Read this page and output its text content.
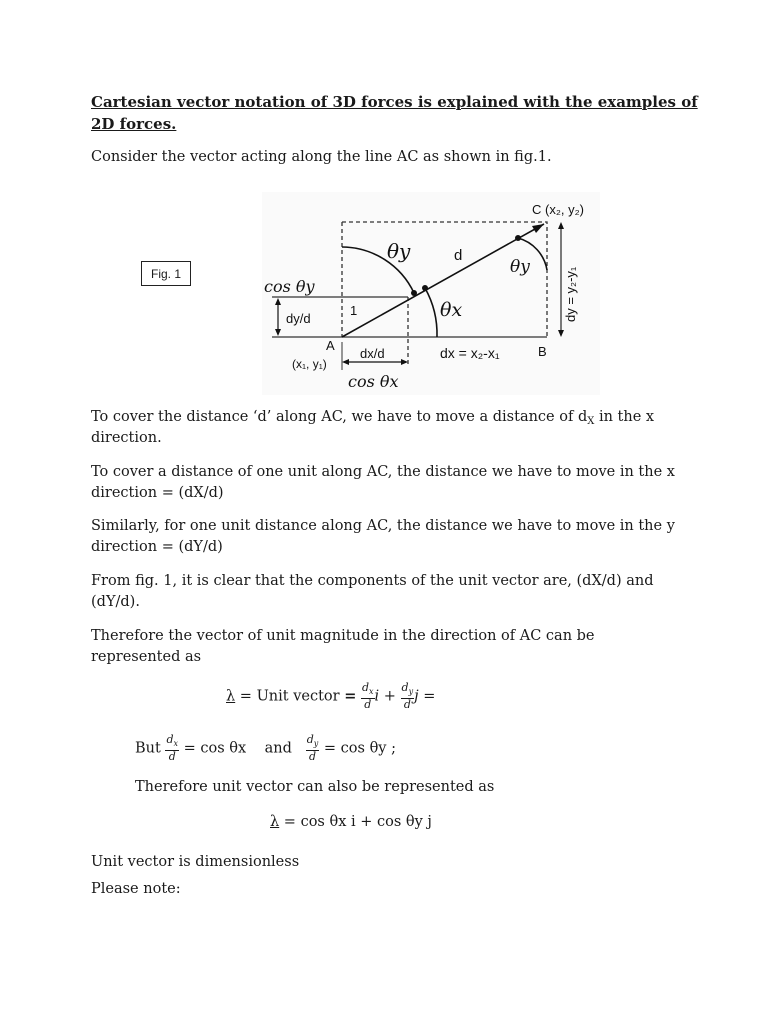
Cartesian vector notation of 3D forces is explained with the examples of
2D forces.
Consider the vector acting along the line AC as shown in fig.1.
Fig. 1
C (x₂, y₂)
θy	d
θy	dy = y₂-y₁
cos θy
dy/d
1	θx
A
(x₁, y₁)
dx/d	dx = x₂-x₁	B
cos θx
To cover the distance ‘d’ along AC, we have to move a distance of $d_X$ in the x
direction.
To cover a distance of one unit along AC, the distance we have to move in the x
direction = (dX/d)
Similarly, for one unit distance along AC, the distance we have to move in the y
direction = (dY/d)
From fig. 1, it is clear that the components of the unit vector are, (dX/d) and
(dY/d).
Therefore the vector of unit magnitude in the direction of AC can be
represented as
λ = Unit vector = $\frac{d_x}{d}$ $i + \frac{d_y}{d}$ j =
But $\frac{d_x}{d} = \cos \theta x$ and $\frac{d_y}{d} = \cos \theta y$ ;
Therefore unit vector can also be represented as
λ = cos θx i + cos θy j
Unit vector is dimensionless
Please note:
